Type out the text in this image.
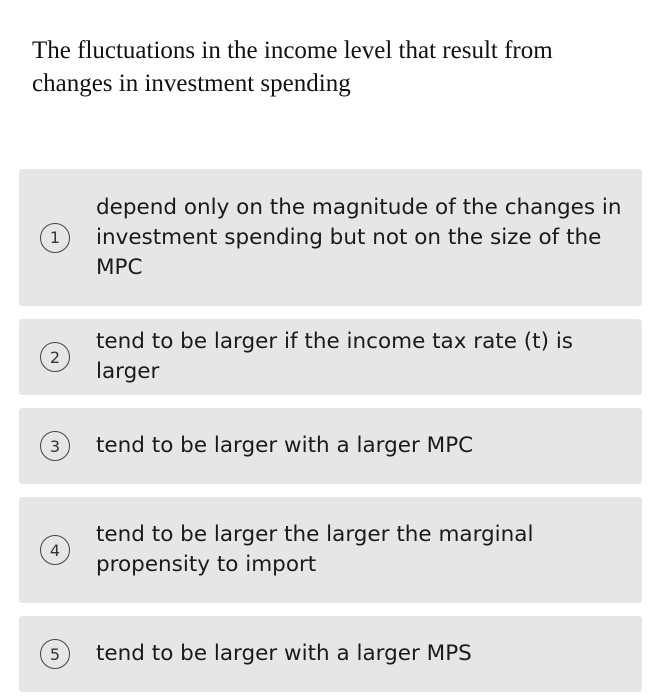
The fluctuations in the income level that result from changes in investment spending

1
depend only on the magnitude of the changes in investment spending but not on the size of the MPC
2
tend to be larger if the income tax rate (t) is larger
3	tend to be larger with a larger MPC
4
tend to be larger the larger the marginal propensity to import
5	tend to be larger with a larger MPS
